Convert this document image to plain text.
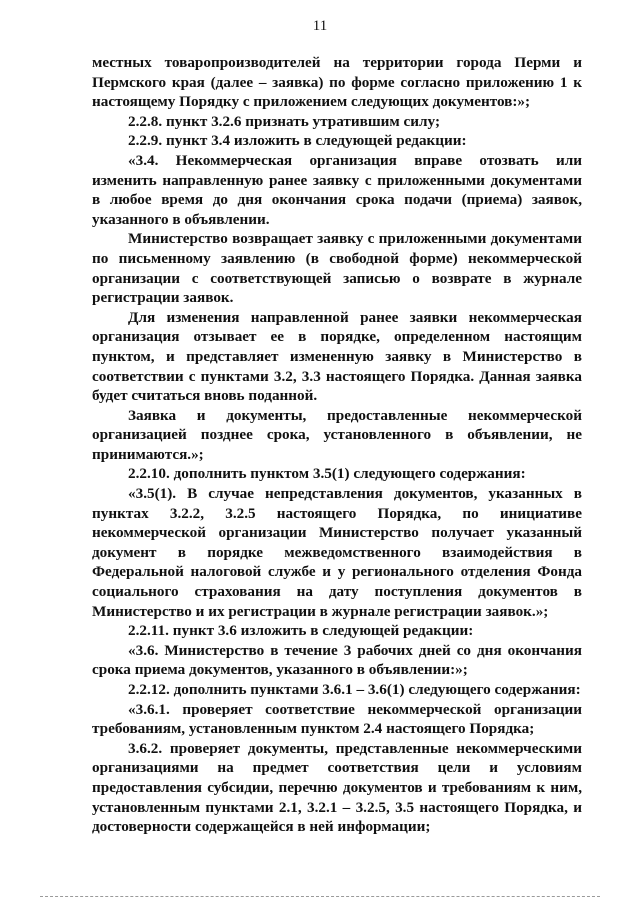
11

местных товаропроизводителей на территории города Перми и Пермского края (далее – заявка) по форме согласно приложению 1 к настоящему Порядку с приложением следующих документов:»;

2.2.8. пункт 3.2.6 признать утратившим силу;

2.2.9. пункт 3.4 изложить в следующей редакции:

«3.4. Некоммерческая организация вправе отозвать или изменить направленную ранее заявку с приложенными документами в любое время до дня окончания срока подачи (приема) заявок, указанного в объявлении.

Министерство возвращает заявку с приложенными документами по письменному заявлению (в свободной форме) некоммерческой организации с соответствующей записью о возврате в журнале регистрации заявок.

Для изменения направленной ранее заявки некоммерческая организация отзывает ее в порядке, определенном настоящим пунктом, и представляет измененную заявку в Министерство в соответствии с пунктами 3.2, 3.3 настоящего Порядка. Данная заявка будет считаться вновь поданной.

Заявка и документы, предоставленные некоммерческой организацией позднее срока, установленного в объявлении, не принимаются.»;

2.2.10. дополнить пунктом 3.5(1) следующего содержания:

«3.5(1). В случае непредставления документов, указанных в пунктах 3.2.2, 3.2.5 настоящего Порядка, по инициативе некоммерческой организации Министерство получает указанный документ в порядке межведомственного взаимодействия в Федеральной налоговой службе и у регионального отделения Фонда социального страхования на дату поступления документов в Министерство и их регистрации в журнале регистрации заявок.»;

2.2.11. пункт 3.6 изложить в следующей редакции:

«3.6. Министерство в течение 3 рабочих дней со дня окончания срока приема документов, указанного в объявлении:»;

2.2.12. дополнить пунктами 3.6.1 – 3.6(1) следующего содержания:

«3.6.1. проверяет соответствие некоммерческой организации требованиям, установленным пунктом 2.4 настоящего Порядка;

3.6.2. проверяет документы, представленные некоммерческими организациями на предмет соответствия цели и условиям предоставления субсидии, перечню документов и требованиям к ним, установленным пунктами 2.1, 3.2.1 – 3.2.5, 3.5 настоящего Порядка, и достоверности содержащейся в ней информации;
